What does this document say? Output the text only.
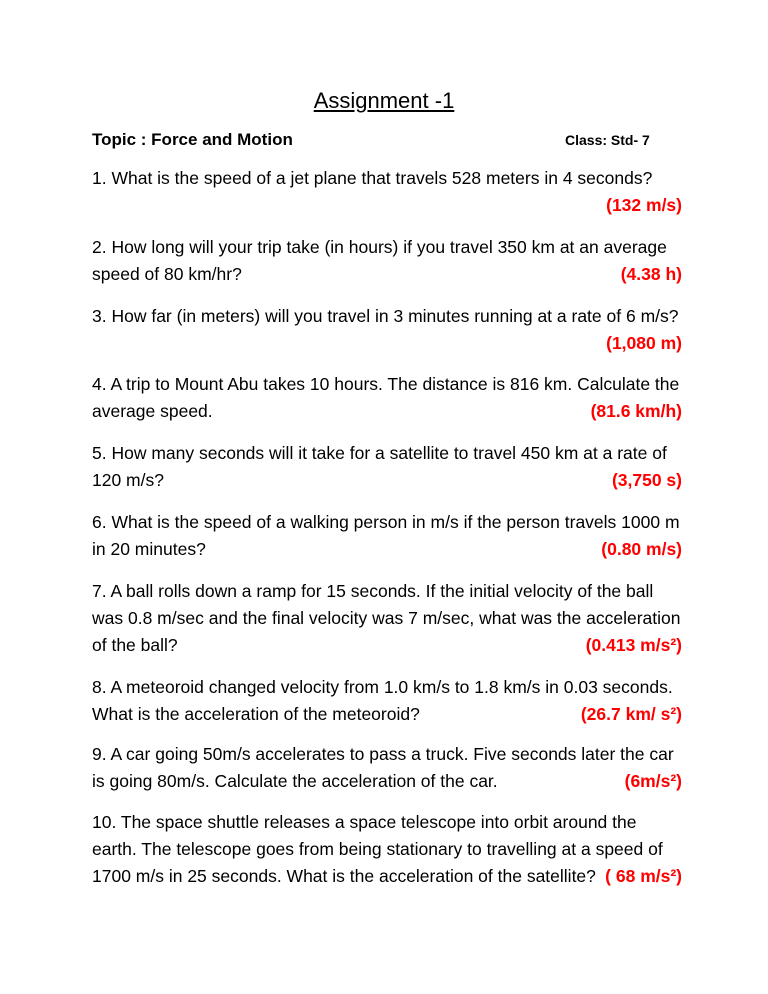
Assignment -1
Topic : Force and Motion	Class: Std- 7
1. What is the speed of a jet plane that travels 528 meters in 4 seconds?
(132 m/s)
2. How long will your trip take (in hours) if you travel 350 km at an average speed of 80 km/hr?	(4.38 h)
3. How far (in meters) will you travel in 3 minutes running at a rate of 6 m/s?
(1,080 m)
4. A trip to Mount Abu takes 10 hours. The distance is 816 km. Calculate the average speed.	(81.6 km/h)
5. How many seconds will it take for a satellite to travel 450 km at a rate of 120 m/s?	(3,750 s)
6. What is the speed of a walking person in m/s if the person travels 1000 m in 20 minutes?	(0.80 m/s)
7. A ball rolls down a ramp for 15 seconds. If the initial velocity of the ball was 0.8 m/sec and the final velocity was 7 m/sec, what was the acceleration of the ball?	(0.413 m/s²)
8. A meteoroid changed velocity from 1.0 km/s to 1.8 km/s in 0.03 seconds. What is the acceleration of the meteoroid?	(26.7 km/ s²)
9. A car going 50m/s accelerates to pass a truck. Five seconds later the car is going 80m/s. Calculate the acceleration of the car.	(6m/s²)
10. The space shuttle releases a space telescope into orbit around the earth. The telescope goes from being stationary to travelling at a speed of 1700 m/s in 25 seconds. What is the acceleration of the satellite? ( 68 m/s²)
